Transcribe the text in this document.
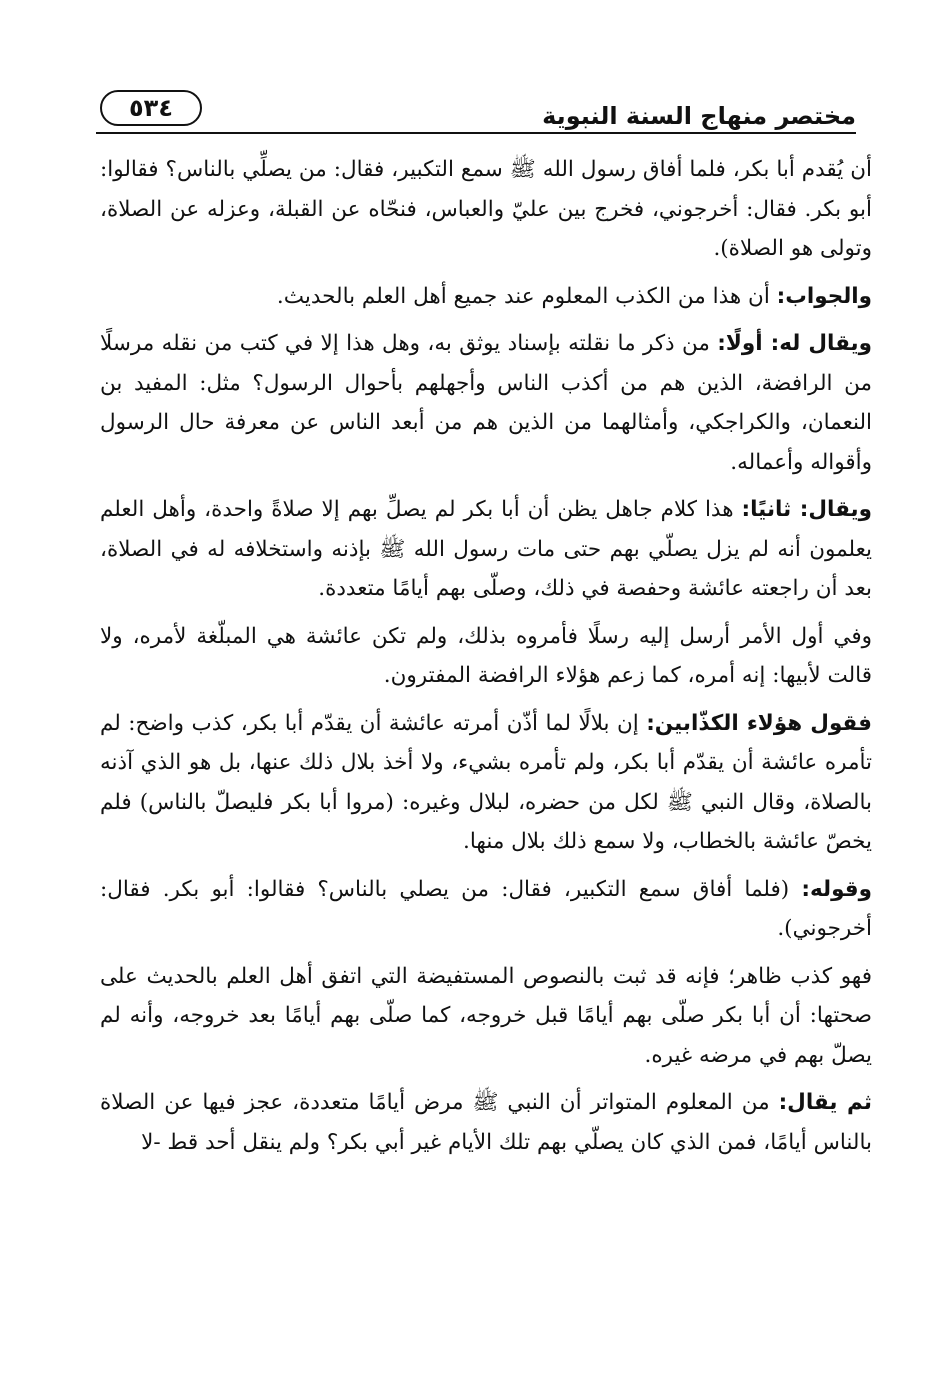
مختصر منهاج السنة النبوية
٥٣٤

أن يُقدم أبا بكر، فلما أفاق رسول الله ﷺ سمع التكبير، فقال: من يصلِّي بالناس؟ فقالوا: أبو بكر. فقال: أخرجوني، فخرج بين عليّ والعباس، فنحّاه عن القبلة، وعزله عن الصلاة، وتولى هو الصلاة).

والجواب: أن هذا من الكذب المعلوم عند جميع أهل العلم بالحديث.

ويقال له: أولًا: من ذكر ما نقلته بإسناد يوثق به، وهل هذا إلا في كتب من نقله مرسلًا من الرافضة، الذين هم من أكذب الناس وأجهلهم بأحوال الرسول؟ مثل: المفيد بن النعمان، والكراجكي، وأمثالهما من الذين هم من أبعد الناس عن معرفة حال الرسول وأقواله وأعماله.

ويقال: ثانيًا: هذا كلام جاهل يظن أن أبا بكر لم يصلِّ بهم إلا صلاةً واحدة، وأهل العلم يعلمون أنه لم يزل يصلّي بهم حتى مات رسول الله ﷺ بإذنه واستخلافه له في الصلاة، بعد أن راجعته عائشة وحفصة في ذلك، وصلّى بهم أيامًا متعددة.

وفي أول الأمر أرسل إليه رسلًا فأمروه بذلك، ولم تكن عائشة هي المبلّغة لأمره، ولا قالت لأبيها: إنه أمره، كما زعم هؤلاء الرافضة المفترون.

فقول هؤلاء الكذّابين: إن بلالًا لما أذّن أمرته عائشة أن يقدّم أبا بكر، كذب واضح: لم تأمره عائشة أن يقدّم أبا بكر، ولم تأمره بشيء، ولا أخذ بلال ذلك عنها، بل هو الذي آذنه بالصلاة، وقال النبي ﷺ لكل من حضره، لبلال وغيره: (مروا أبا بكر فليصلّ بالناس) فلم يخصّ عائشة بالخطاب، ولا سمع ذلك بلال منها.

وقوله: (فلما أفاق سمع التكبير، فقال: من يصلي بالناس؟ فقالوا: أبو بكر. فقال: أخرجوني).

فهو كذب ظاهر؛ فإنه قد ثبت بالنصوص المستفيضة التي اتفق أهل العلم بالحديث على صحتها: أن أبا بكر صلّى بهم أيامًا قبل خروجه، كما صلّى بهم أيامًا بعد خروجه، وأنه لم يصلّ بهم في مرضه غيره.

ثم يقال: من المعلوم المتواتر أن النبي ﷺ مرض أيامًا متعددة، عجز فيها عن الصلاة بالناس أيامًا، فمن الذي كان يصلّي بهم تلك الأيام غير أبي بكر؟ ولم ينقل أحد قط -لا
